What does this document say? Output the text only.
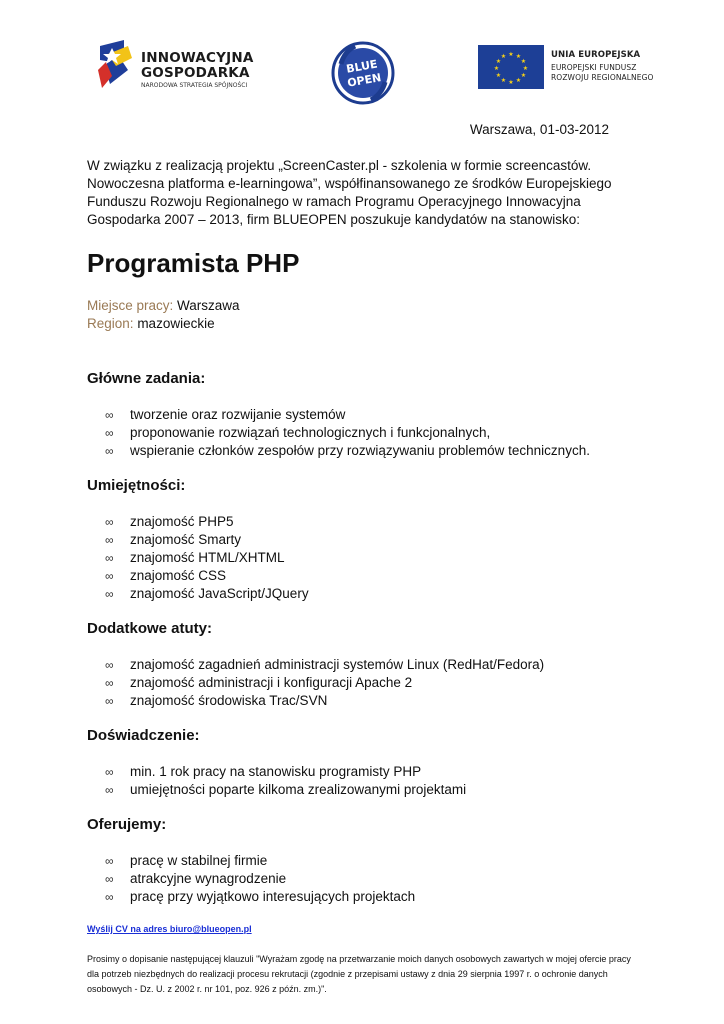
INNOWACYJNA
GOSPODARKA
NARODOWA STRATEGIA SPÓJNOŚCI
BLUE
OPEN
★ ★
★
★
★
★
★
★
★
★
★
★	UNIA EUROPEJSKA
EUROPEJSKI FUNDUSZ
ROZWOJU REGIONALNEGO
Warszawa, 01-03-2012
W związku z realizacją projektu „ScreenCaster.pl - szkolenia w formie screencastów. Nowoczesna platforma e-learningowa”, współfinansowanego ze środków Europejskiego Funduszu Rozwoju Regionalnego w ramach Programu Operacyjnego Innowacyjna Gospodarka 2007 – 2013, firm BLUEOPEN poszukuje kandydatów na stanowisko:
Programista PHP
Miejsce pracy: Warszawa
Region: mazowieckie
Główne zadania:
∞ tworzenie oraz rozwijanie systemów
∞ proponowanie rozwiązań technologicznych i funkcjonalnych,
∞ wspieranie członków zespołów przy rozwiązywaniu problemów technicznych.
Umiejętności:
∞ znajomość PHP5
∞ znajomość Smarty
∞ znajomość HTML/XHTML
∞ znajomość CSS
∞ znajomość JavaScript/JQuery
Dodatkowe atuty:
∞ znajomość zagadnień administracji systemów Linux (RedHat/Fedora)
∞ znajomość administracji i konfiguracji Apache 2
∞ znajomość środowiska Trac/SVN
Doświadczenie:
∞ min. 1 rok pracy na stanowisku programisty PHP
∞ umiejętności poparte kilkoma zrealizowanymi projektami
Oferujemy:
∞ pracę w stabilnej firmie
∞ atrakcyjne wynagrodzenie
∞ pracę przy wyjątkowo interesujących projektach
Wyślij CV na adres biuro@blueopen.pl
Prosimy o dopisanie następującej klauzuli "Wyrażam zgodę na przetwarzanie moich danych osobowych zawartych w mojej ofercie pracy dla potrzeb niezbędnych do realizacji procesu rekrutacji (zgodnie z przepisami ustawy z dnia 29 sierpnia 1997 r. o ochronie danych osobowych - Dz. U. z 2002 r. nr 101, poz. 926 z późn. zm.)".
